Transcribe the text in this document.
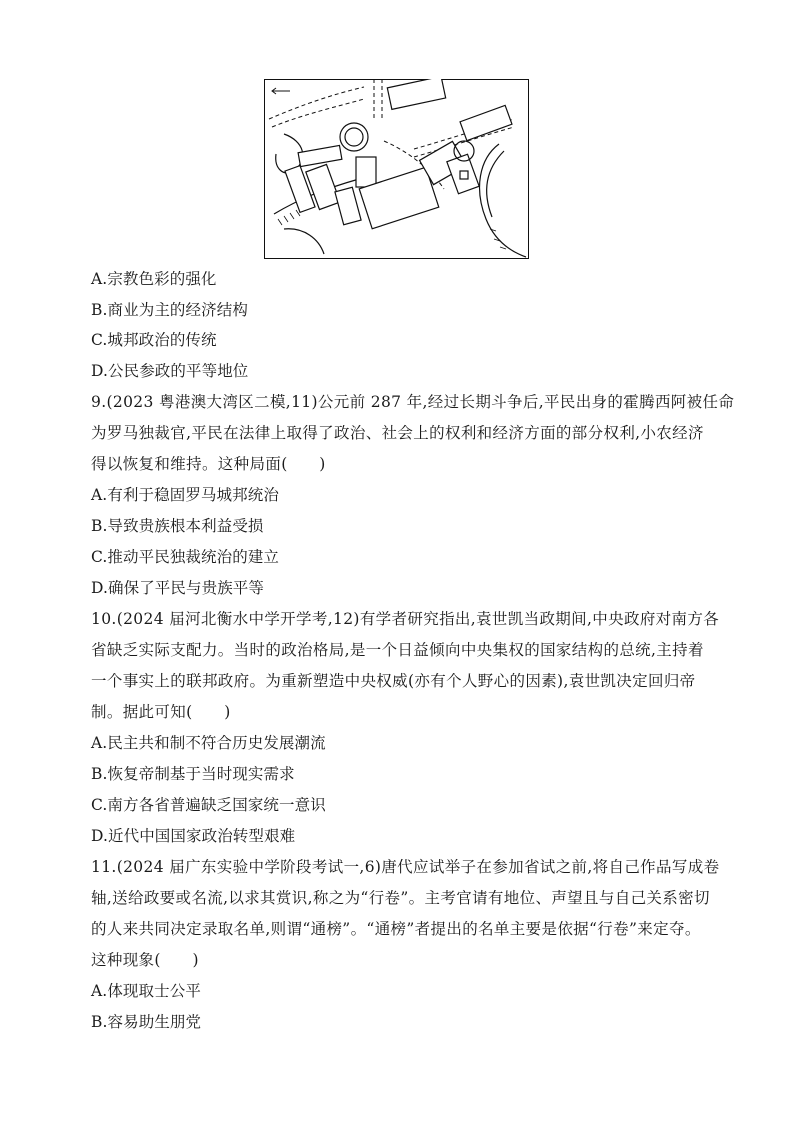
A.宗教色彩的强化
B.商业为主的经济结构
C.城邦政治的传统
D.公民参政的平等地位
9.(2023 粤港澳大湾区二模,11)公元前 287 年,经过长期斗争后,平民出身的霍腾西阿被任命
为罗马独裁官,平民在法律上取得了政治、社会上的权利和经济方面的部分权利,小农经济
得以恢复和维持。这种局面(　　)
A.有利于稳固罗马城邦统治
B.导致贵族根本利益受损
C.推动平民独裁统治的建立
D.确保了平民与贵族平等
10.(2024 届河北衡水中学开学考,12)有学者研究指出,袁世凯当政期间,中央政府对南方各
省缺乏实际支配力。当时的政治格局,是一个日益倾向中央集权的国家结构的总统,主持着
一个事实上的联邦政府。为重新塑造中央权威(亦有个人野心的因素),袁世凯决定回归帝
制。据此可知(　　)
A.民主共和制不符合历史发展潮流
B.恢复帝制基于当时现实需求
C.南方各省普遍缺乏国家统一意识
D.近代中国国家政治转型艰难
11.(2024 届广东实验中学阶段考试一,6)唐代应试举子在参加省试之前,将自己作品写成卷
轴,送给政要或名流,以求其赏识,称之为“行卷”。主考官请有地位、声望且与自己关系密切
的人来共同决定录取名单,则谓“通榜”。“通榜”者提出的名单主要是依据“行卷”来定夺。
这种现象(　　)
A.体现取士公平
B.容易助生朋党
